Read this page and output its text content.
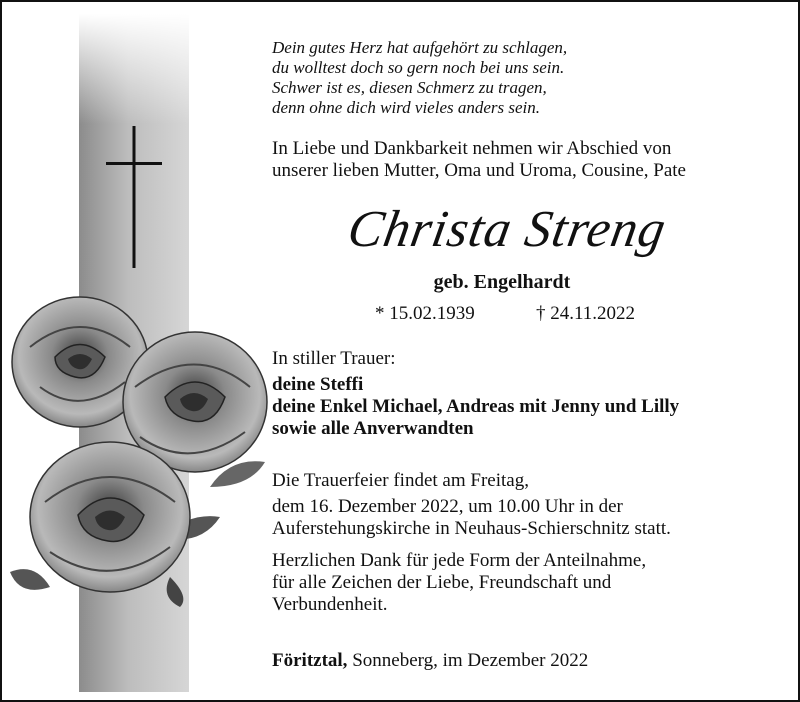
Dein gutes Herz hat aufgehört zu schlagen,
du wolltest doch so gern noch bei uns sein.
Schwer ist es, diesen Schmerz zu tragen,
denn ohne dich wird vieles anders sein.
In Liebe und Dankbarkeit nehmen wir Abschied von
unserer lieben Mutter, Oma und Uroma, Cousine, Pate
Christa Streng
geb. Engelhardt
* 15.02.1939	† 24.11.2022
In stiller Trauer:
deine Steffi
deine Enkel Michael, Andreas mit Jenny und Lilly
sowie alle Anverwandten
Die Trauerfeier findet am Freitag,
dem 16. Dezember 2022, um 10.00 Uhr in der
Auferstehungskirche in Neuhaus-Schierschnitz statt.
Herzlichen Dank für jede Form der Anteilnahme,
für alle Zeichen der Liebe, Freundschaft und
Verbundenheit.
Föritztal, Sonneberg, im Dezember 2022
